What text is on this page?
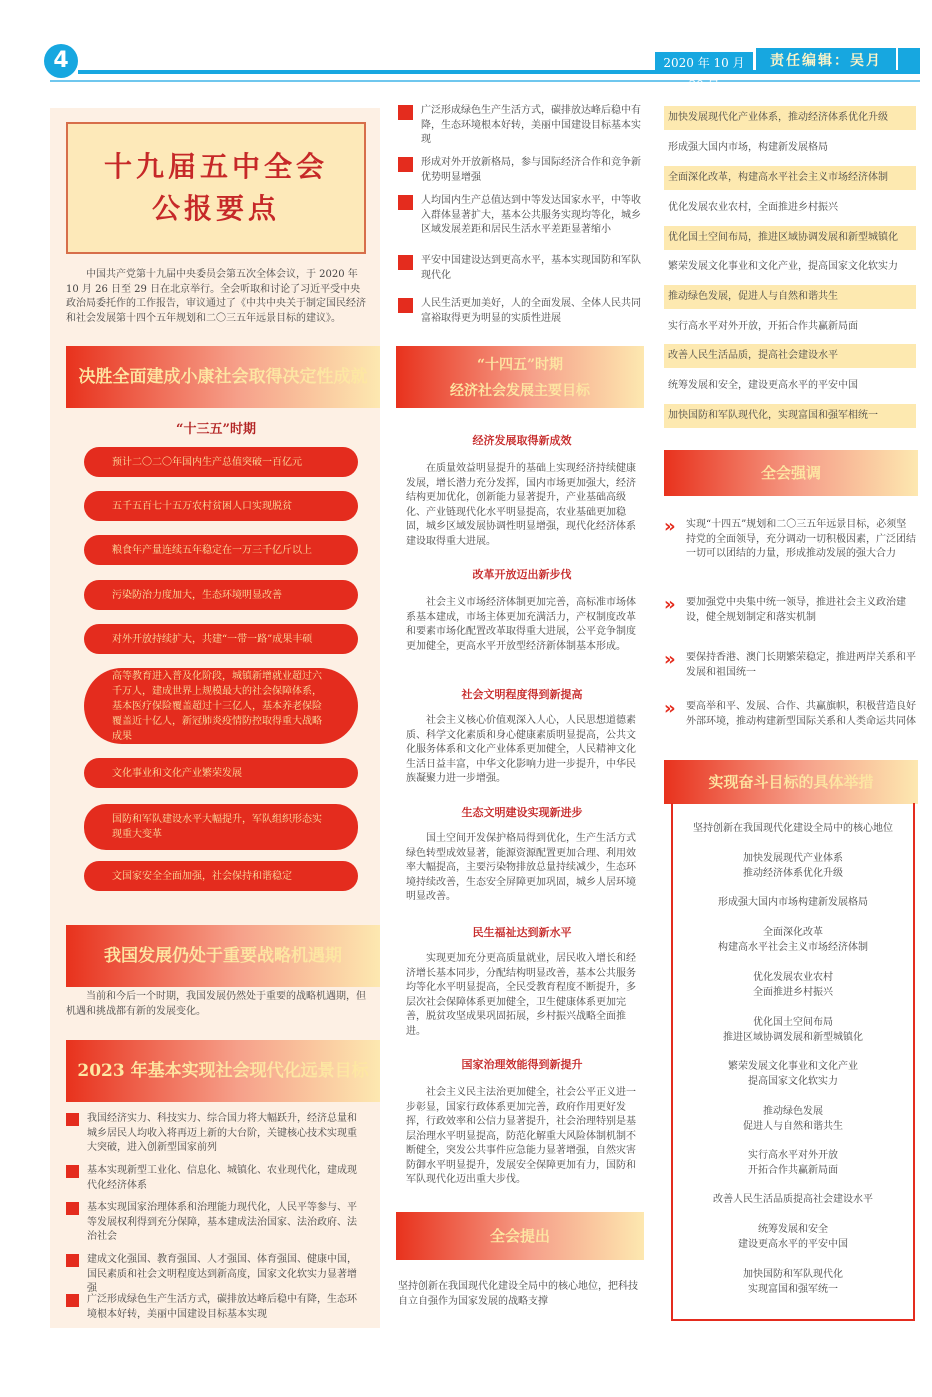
4	2020 年 10 月 30 日
责任编辑：吴月
十九届五中全会
公报要点
中国共产党第十九届中央委员会第五次全体会议，于 2020 年 10 月 26 日至 29 日在北京举行。全会听取和讨论了习近平受中央政治局委托作的工作报告，审议通过了《中共中央关于制定国民经济和社会发展第十四个五年规划和二〇三五年远景目标的建议》。
决胜全面建成小康社会取得决定性成就
“十三五”时期
预计二〇二〇年国内生产总值突破一百亿元
五千五百七十五万农村贫困人口实现脱贫
粮食年产量连续五年稳定在一万三千亿斤以上
污染防治力度加大，生态环境明显改善
对外开放持续扩大，共建“一带一路”成果丰硕
高等教育进入普及化阶段，城镇新增就业超过六千万人，建成世界上规模最大的社会保障体系，基本医疗保险覆盖超过十三亿人，基本养老保险覆盖近十亿人，新冠肺炎疫情防控取得重大战略成果
文化事业和文化产业繁荣发展
国防和军队建设水平大幅提升，军队组织形态实现重大变革
文国家安全全面加强，社会保持和谐稳定
我国发展仍处于重要战略机遇期
当前和今后一个时期，我国发展仍然处于重要的战略机遇期，但机遇和挑战都有新的发展变化。
2023 年基本实现社会现代化远景目标
我国经济实力、科技实力、综合国力将大幅跃升，经济总量和城乡居民人均收入将再迈上新的大台阶，关键核心技术实现重大突破，进入创新型国家前列
基本实现新型工业化、信息化、城镇化、农业现代化，建成现代化经济体系
基本实现国家治理体系和治理能力现代化，人民平等参与、平等发展权利得到充分保障，基本建成法治国家、法治政府、法治社会
建成文化强国、教育强国、人才强国、体育强国、健康中国，国民素质和社会文明程度达到新高度，国家文化软实力显著增强
广泛形成绿色生产生活方式，碳排放达峰后稳中有降，生态环境根本好转，美丽中国建设目标基本实现
广泛形成绿色生产生活方式，碳排放达峰后稳中有降，生态环境根本好转，美丽中国建设目标基本实现
形成对外开放新格局，参与国际经济合作和竞争新优势明显增强
人均国内生产总值达到中等发达国家水平，中等收入群体显著扩大，基本公共服务实现均等化，城乡区域发展差距和居民生活水平差距显著缩小
平安中国建设达到更高水平，基本实现国防和军队现代化
人民生活更加美好，人的全面发展、全体人民共同富裕取得更为明显的实质性进展
“十四五”时期
经济社会发展主要目标
经济发展取得新成效
在质量效益明显提升的基础上实现经济持续健康发展，增长潜力充分发挥，国内市场更加强大，经济结构更加优化，创新能力显著提升，产业基础高级化、产业链现代化水平明显提高，农业基础更加稳固，城乡区域发展协调性明显增强，现代化经济体系建设取得重大进展。
改革开放迈出新步伐
社会主义市场经济体制更加完善，高标准市场体系基本建成，市场主体更加充满活力，产权制度改革和要素市场化配置改革取得重大进展，公平竞争制度更加健全，更高水平开放型经济新体制基本形成。
社会文明程度得到新提高
社会主义核心价值观深入人心，人民思想道德素质、科学文化素质和身心健康素质明显提高，公共文化服务体系和文化产业体系更加健全，人民精神文化生活日益丰富，中华文化影响力进一步提升，中华民族凝聚力进一步增强。
生态文明建设实现新进步
国土空间开发保护格局得到优化，生产生活方式绿色转型成效显著，能源资源配置更加合理、利用效率大幅提高，主要污染物排放总量持续减少，生态环境持续改善，生态安全屏障更加巩固，城乡人居环境明显改善。
民生福祉达到新水平
实现更加充分更高质量就业，居民收入增长和经济增长基本同步，分配结构明显改善，基本公共服务均等化水平明显提高，全民受教育程度不断提升，多层次社会保障体系更加健全，卫生健康体系更加完善，脱贫攻坚成果巩固拓展，乡村振兴战略全面推进。
国家治理效能得到新提升
社会主义民主法治更加健全，社会公平正义进一步彰显，国家行政体系更加完善，政府作用更好发挥，行政效率和公信力显著提升，社会治理特别是基层治理水平明显提高，防范化解重大风险体制机制不断健全，突发公共事件应急能力显著增强，自然灾害防御水平明显提升，发展安全保障更加有力，国防和军队现代化迈出重大步伐。
全会提出
坚持创新在我国现代化建设全局中的核心地位，把科技自立自强作为国家发展的战略支撑
加快发展现代化产业体系，推动经济体系优化升级
形成强大国内市场，构建新发展格局
全面深化改革，构建高水平社会主义市场经济体制
优化发展农业农村，全面推进乡村振兴
优化国土空间布局，推进区域协调发展和新型城镇化
繁荣发展文化事业和文化产业，提高国家文化软实力
推动绿色发展，促进人与自然和谐共生
实行高水平对外开放，开拓合作共赢新局面
改善人民生活品质，提高社会建设水平
统筹发展和安全，建设更高水平的平安中国
加快国防和军队现代化，实现富国和强军相统一
全会强调
»	实现“十四五”规划和二〇三五年远景目标，必须坚持党的全面领导，充分调动一切积极因素，广泛团结一切可以团结的力量，形成推动发展的强大合力
»	要加强党中央集中统一领导，推进社会主义政治建设，健全规划制定和落实机制
»	要保持香港、澳门长期繁荣稳定，推进两岸关系和平发展和祖国统一
»	要高举和平、发展、合作、共赢旗帜，积极营造良好外部环境，推动构建新型国际关系和人类命运共同体
实现奋斗目标的具体举措
坚持创新在我国现代化建设全局中的核心地位
加快发展现代产业体系
推动经济体系优化升级
形成强大国内市场构建新发展格局
全面深化改革
构建高水平社会主义市场经济体制
优化发展农业农村
全面推进乡村振兴
优化国土空间布局
推进区域协调发展和新型城镇化
繁荣发展文化事业和文化产业
提高国家文化软实力
推动绿色发展
促进人与自然和谐共生
实行高水平对外开放
开拓合作共赢新局面
改善人民生活品质提高社会建设水平
统筹发展和安全
建设更高水平的平安中国
加快国防和军队现代化
实现富国和强军统一
